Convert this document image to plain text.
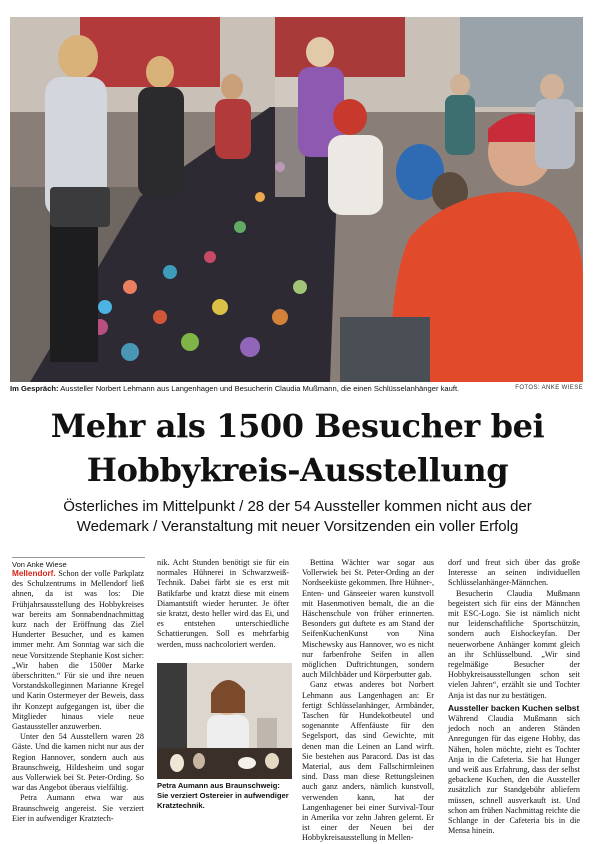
Im Gespräch: Aussteller Norbert Lehmann aus Langenhagen und Besucherin Claudia Mußmann, die einen Schlüsselanhänger kauft.	FOTOS: ANKE WIESE
Mehr als 1500 Besucher bei
Hobbykreis-Ausstellung
Österliches im Mittelpunkt / 28 der 54 Aussteller kommen nicht aus der
Wedemark / Veranstaltung mit neuer Vorsitzenden ein voller Erfolg
Von Anke Wiese

Mellendorf. Schon der volle Parkplatz des Schulzentrums in Mellendorf ließ ahnen, da ist was los: Die Frühjahrsausstellung des Hobbykreises war bereits am Sonnabendnachmittag kurz nach der Eröffnung das Ziel Hunderter Besucher, und es kamen immer mehr. Am Sonntag war sich die neue Vorsitzende Stephanie Kost sicher: „Wir haben die 1500er Marke überschritten.“ Für sie und ihre neuen Vorstandskolleginnen Marianne Kregel und Karin Ostermeyer der Beweis, dass ihr Konzept aufgegangen ist, über die Mitglieder hinaus viele neue Gastaussteller anzuwerben.

Unter den 54 Ausstellern waren 28 Gäste. Und die kamen nicht nur aus der Region Hannover, sondern auch aus Braunschweig, Hildesheim und sogar aus Vollerwiek bei St. Peter-Ording. So war das Angebot überaus vielfältig.

Petra Aumann etwa war aus Braunschweig angereist. Sie verziert Eier in aufwendiger Kratztech-

nik. Acht Stunden benötigt sie für ein normales Hühnerei in Schwarzweiß-Technik. Dabei färbt sie es erst mit Batikfarbe und kratzt diese mit einem Diamantstift wieder herunter. Je öfter sie kratzt, desto heller wird das Ei, und es entstehen unterschiedliche Schattierungen. Soll es mehrfarbig werden, muss nachcoloriert werden.

Petra Aumann aus Braunschweig: Sie verziert Ostereier in aufwendiger Kratztechnik.

Bettina Wächter war sogar aus Vollerwiek bei St. Peter-Ording an der Nordseeküste gekommen. Ihre Hühner-, Enten- und Gänseeier waren kunstvoll mit Hasenmotiven bemalt, die an die Häschenschule von früher erinnerten. Besonders gut duftete es am Stand der SeifenKuchenKunst von Nina Mischewsky aus Hannover, wo es nicht nur farbenfrohe Seifen in allen möglichen Duftrichtungen, sondern auch Milchbäder und Körperbutter gab.

Ganz etwas anderes bot Norbert Lehmann aus Langenhagen an: Er fertigt Schlüsselanhänger, Armbänder, Taschen für Hundekotbeutel und sogenannte Affenfäuste für den Segelsport, das sind Gewichte, mit denen man die Leinen an Land wirft. Sie bestehen aus Paracord. Das ist das Material, aus dem Fallschirmleinen sind. Dass man diese Rettungsleinen auch ganz anders, nämlich kunstvoll, verwenden kann, hat der Langenhagener bei einer Survival-Tour in Amerika vor zehn Jahren gelernt. Er ist einer der Neuen bei der Hobbykreisausstellung in Mellen-

dorf und freut sich über das große Interesse an seinen individuellen Schlüsselanhänger-Männchen.

Besucherin Claudia Mußmann begeistert sich für eins der Männchen mit ESC-Logo. Sie ist nämlich nicht nur leidenschaftliche Sportschützin, sondern auch Eishockeyfan. Der neuerworbene Anhänger kommt gleich an ihr Schlüsselbund. „Wir sind regelmäßige Besucher der Hobbykreisausstellungen schon seit vielen Jahren“, erzählt sie und Tochter Anja ist das nur zu bestätigen.

Aussteller backen Kuchen selbst

Während Claudia Mußmann sich jedoch noch an anderen Ständen Anregungen für das eigene Hobby, das Nähen, holen möchte, zieht es Tochter Anja in die Cafeteria. Sie hat Hunger und weiß aus Erfahrung, dass der selbst gebackene Kuchen, den die Aussteller zusätzlich zur Standgebühr abliefern müssen, schnell ausverkauft ist. Und schon am frühen Nachmittag reichte die Schlange in der Cafeteria bis in die Mensa hinein.
